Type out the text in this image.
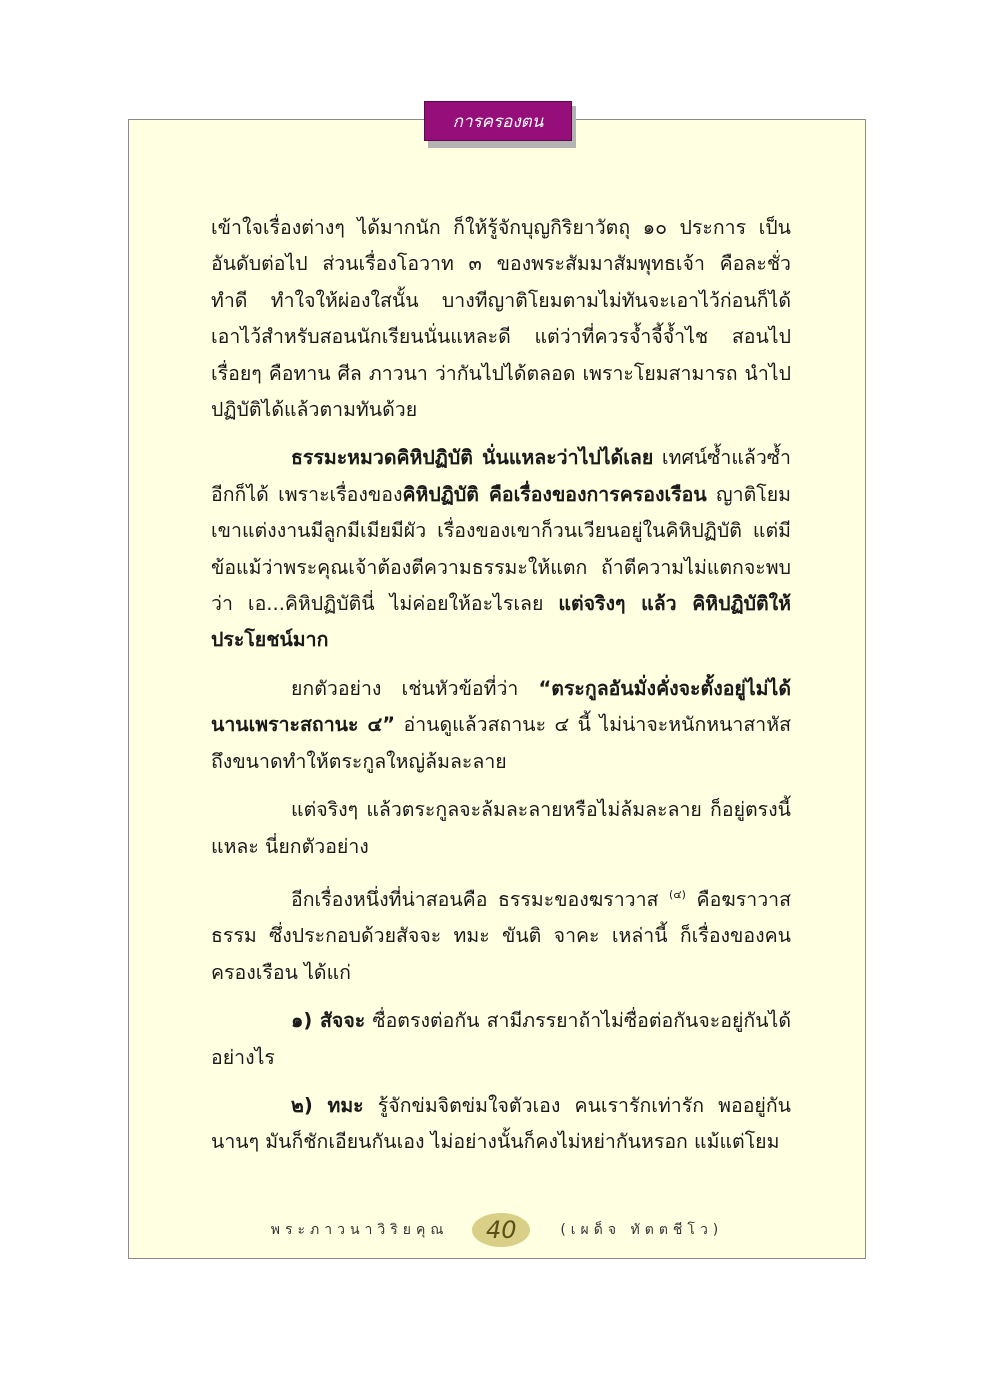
การครองตน

เข้าใจเรื่องต่างๆ ได้มากนัก ก็ให้รู้จักบุญกิริยาวัตถุ ๑๐ ประการ เป็นอันดับต่อไป ส่วนเรื่องโอวาท ๓ ของพระสัมมาสัมพุทธเจ้า คือละชั่ว ทำดี ทำใจให้ผ่องใสนั้น บางทีญาติโยมตามไม่ทันจะเอาไว้ก่อนก็ได้ เอาไว้สำหรับสอนนักเรียนนั่นแหละดี แต่ว่าที่ควรจ้ำจี้จ้ำไช สอนไปเรื่อยๆ คือทาน ศีล ภาวนา ว่ากันไปได้ตลอด เพราะโยมสามารถ นำไปปฏิบัติได้แล้วตามทันด้วย

ธรรมะหมวดคิหิปฏิบัติ นั่นแหละว่าไปได้เลย เทศน์ซ้ำแล้วซ้ำอีกก็ได้ เพราะเรื่องของคิหิปฏิบัติ คือเรื่องของการครองเรือน ญาติโยมเขาแต่งงานมีลูกมีเมียมีผัว เรื่องของเขาก็วนเวียนอยู่ในคิหิปฏิบัติ แต่มีข้อแม้ว่าพระคุณเจ้าต้องตีความธรรมะให้แตก ถ้าตีความไม่แตกจะพบว่า เอ...คิหิปฏิบัตินี่ ไม่ค่อยให้อะไรเลย แต่จริงๆ แล้ว คิหิปฏิบัติให้ประโยชน์มาก

ยกตัวอย่าง เช่นหัวข้อที่ว่า “ตระกูลอันมั่งคั่งจะตั้งอยู่ไม่ได้นานเพราะสถานะ ๔” อ่านดูแล้วสถานะ ๔ นี้ ไม่น่าจะหนักหนาสาหัสถึงขนาดทำให้ตระกูลใหญ่ล้มละลาย

แต่จริงๆ แล้วตระกูลจะล้มละลายหรือไม่ล้มละลาย ก็อยู่ตรงนี้แหละ นี่ยกตัวอย่าง

อีกเรื่องหนึ่งที่น่าสอนคือ ธรรมะของฆราวาส $^{(๔)}$ คือฆราวาสธรรม ซึ่งประกอบด้วยสัจจะ ทมะ ขันติ จาคะ เหล่านี้ ก็เรื่องของคนครองเรือน ได้แก่

๑) สัจจะ ซื่อตรงต่อกัน สามีภรรยาถ้าไม่ซื่อต่อกันจะอยู่กันได้อย่างไร

๒) ทมะ รู้จักข่มจิตข่มใจตัวเอง คนเรารักเท่ารัก พออยู่กันนานๆ มันก็ชักเอียนกันเอง ไม่อย่างนั้นก็คงไม่หย่ากันหรอก แม้แต่โยม

พระภาวนาวิริยคุณ	40	(เผด็จ ทัตตชีโว)
